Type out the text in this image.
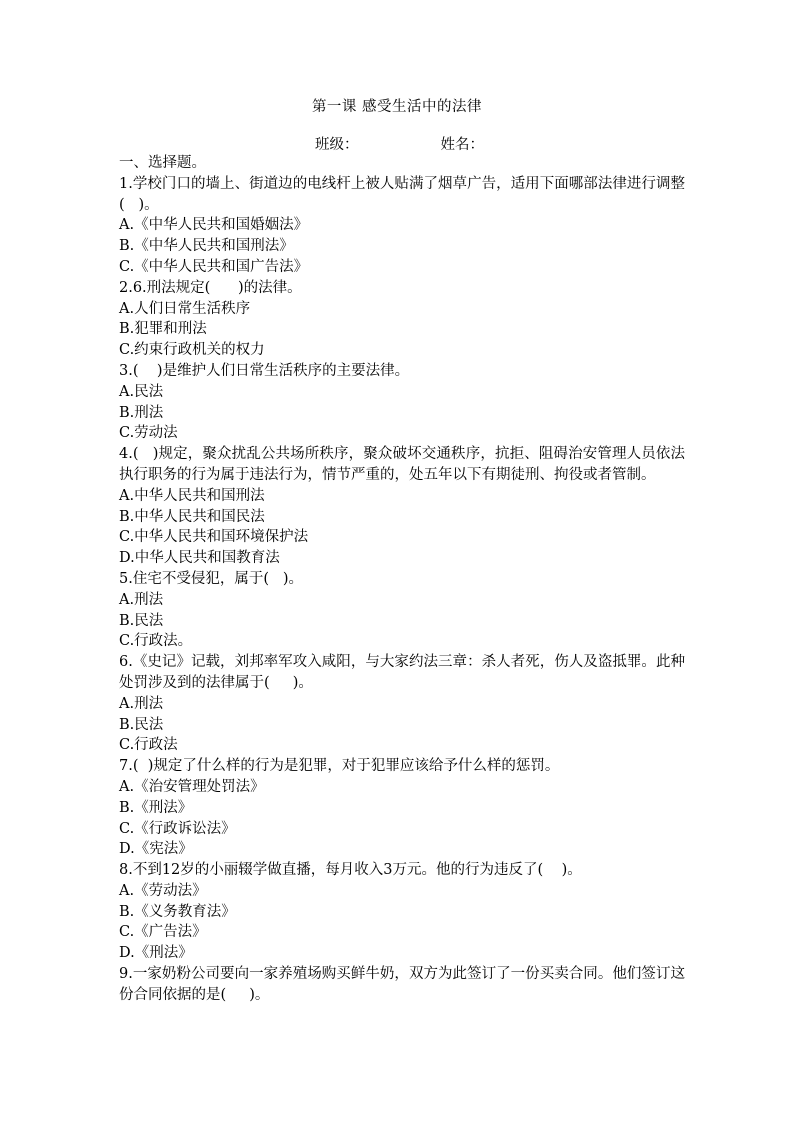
第一课 感受生活中的法律
班级：	姓名：
一、选择题。
1.学校门口的墙上、街道边的电线杆上被人贴满了烟草广告，适用下面哪部法律进行调整(   )。
A.《中华人民共和国婚姻法》
B.《中华人民共和国刑法》
C.《中华人民共和国广告法》
2.6.刑法规定(      )的法律。
A.人们日常生活秩序
B.犯罪和刑法
C.约束行政机关的权力
3.(    )是维护人们日常生活秩序的主要法律。
A.民法
B.刑法
C.劳动法
4.(   )规定，聚众扰乱公共场所秩序，聚众破坏交通秩序，抗拒、阻碍治安管理人员依法执行职务的行为属于违法行为，情节严重的，处五年以下有期徒刑、拘役或者管制。
A.中华人民共和国刑法
B.中华人民共和国民法
C.中华人民共和国环境保护法
D.中华人民共和国教育法
5.住宅不受侵犯，属于(   )。
A.刑法
B.民法
C.行政法。
6.《史记》记载，刘邦率军攻入咸阳，与大家约法三章：杀人者死，伤人及盗抵罪。此种处罚涉及到的法律属于(     )。
A.刑法
B.民法
C.行政法
7.(  )规定了什么样的行为是犯罪，对于犯罪应该给予什么样的惩罚。
A.《治安管理处罚法》
B.《刑法》
C.《行政诉讼法》
D.《宪法》
8.不到12岁的小丽辍学做直播，每月收入3万元。他的行为违反了(    )。
A.《劳动法》
B.《义务教育法》
C.《广告法》
D.《刑法》
9.一家奶粉公司要向一家养殖场购买鲜牛奶，双方为此签订了一份买卖合同。他们签订这份合同依据的是(     )。
